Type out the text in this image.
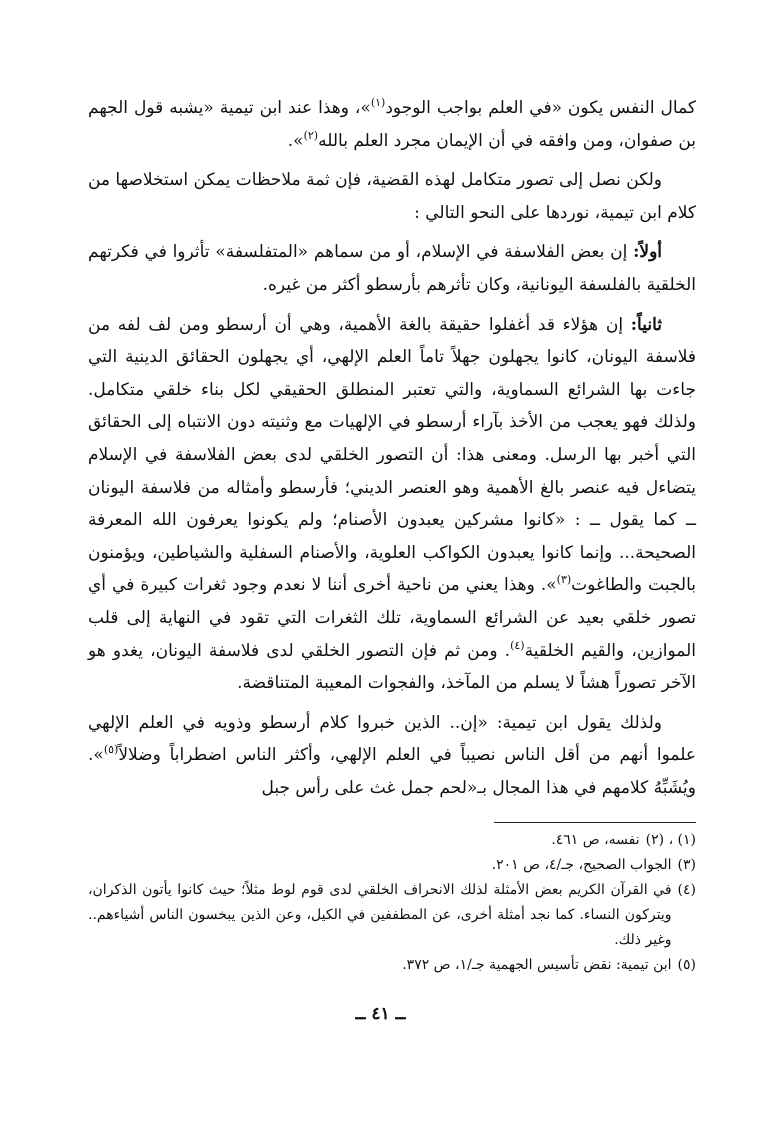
كمال النفس يكون «في العلم بواجب الوجود$^{(١)}$»، وهذا عند ابن تيمية «يشبه قول الجهم بن صفوان، ومن وافقه في أن الإيمان مجرد العلم بالله$^{(٢)}$».

ولكن نصل إلى تصور متكامل لهذه القضية، فإن ثمة ملاحظات يمكن استخلاصها من كلام ابن تيمية، نوردها على النحو التالي :

أولاً: إن بعض الفلاسفة في الإسلام، أو من سماهم «المتفلسفة» تأثروا في فكرتهم الخلقية بالفلسفة اليونانية، وكان تأثرهم بأرسطو أكثر من غيره.

ثانياً: إن هؤلاء قد أغفلوا حقيقة بالغة الأهمية، وهي أن أرسطو ومن لف لفه من فلاسفة اليونان، كانوا يجهلون جهلاً تاماً العلم الإلهي، أي يجهلون الحقائق الدينية التي جاءت بها الشرائع السماوية، والتي تعتبر المنطلق الحقيقي لكل بناء خلقي متكامل. ولذلك فهو يعجب من الأخذ بآراء أرسطو في الإلهيات مع وثنيته دون الانتباه إلى الحقائق التي أخبر بها الرسل. ومعنى هذا: أن التصور الخلقي لدى بعض الفلاسفة في الإسلام يتضاءل فيه عنصر بالغ الأهمية وهو العنصر الديني؛ فأرسطو وأمثاله من فلاسفة اليونان ــ كما يقول ــ : «كانوا مشركين يعبدون الأصنام؛ ولم يكونوا يعرفون الله المعرفة الصحيحة... وإنما كانوا يعبدون الكواكب العلوية، والأصنام السفلية والشياطين، ويؤمنون بالجبت والطاغوت$^{(٣)}$». وهذا يعني من ناحية أخرى أننا لا نعدم وجود ثغرات كبيرة في أي تصور خلقي بعيد عن الشرائع السماوية، تلك الثغرات التي تقود في النهاية إلى قلب الموازين، والقيم الخلقية$^{(٤)}$. ومن ثم فإن التصور الخلقي لدى فلاسفة اليونان، يغدو هو الآخر تصوراً هشاً لا يسلم من المآخذ، والفجوات المعيبة المتناقضة.

ولذلك يقول ابن تيمية: «إن.. الذين خبروا كلام أرسطو وذويه في العلم الإلهي علموا أنهم من أقل الناس نصيباً في العلم الإلهي، وأكثر الناس اضطراباً وضلالاً$^{(٥)}$». ويُشَبِّهُ كلامهم في هذا المجال بـ«لحم جمل غث على رأس جبل

(١) ، (٢)
نفسه، ص ٤٦١.
(٣)
الجواب الصحيح، جـ/٤، ص ٢٠١.
(٤)
في القرآن الكريم بعض الأمثلة لذلك الانحراف الخلقي لدى قوم لوط مثلاً؛ حيث كانوا يأتون الذكران، ويتركون النساء. كما نجد أمثلة أخرى، عن المطففين في الكيل، وعن الذين يبخسون الناس أشياءهم.. وغير ذلك.
(٥)
ابن تيمية: نقض تأسيس الجهمية جـ/١، ص ٣٧٢.
ــ ٤١ ــ
